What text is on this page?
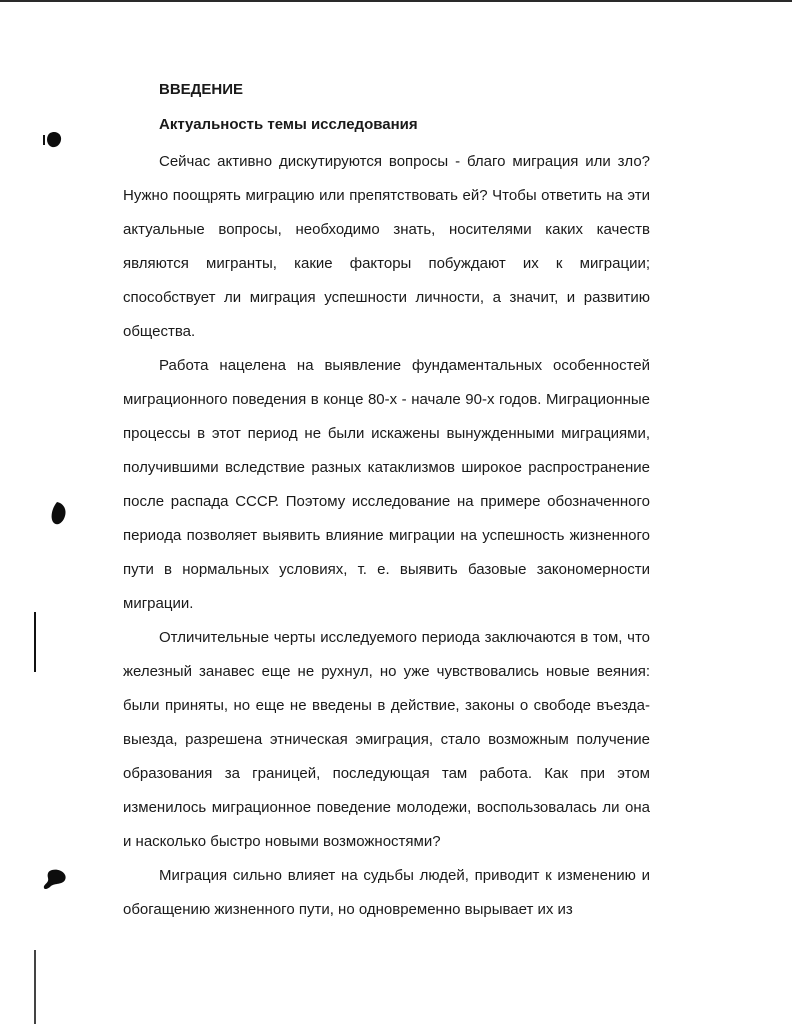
ВВЕДЕНИЕ
Актуальность темы исследования

Сейчас активно дискутируются вопросы - благо миграция или зло? Нужно поощрять миграцию или препятствовать ей? Чтобы ответить на эти актуальные вопросы, необходимо знать, носителями каких качеств являются мигранты, какие факторы побуждают их к миграции; способствует ли миграция успешности личности, а значит, и развитию общества.

Работа нацелена на выявление фундаментальных особенностей миграционного поведения в конце 80-х - начале 90-х годов. Миграционные процессы в этот период не были искажены вынужденными миграциями, получившими вследствие разных катаклизмов широкое распространение после распада СССР. Поэтому исследование на примере обозначенного периода позволяет выявить влияние миграции на успешность жизненного пути в нормальных условиях, т. е. выявить базовые закономерности миграции.

Отличительные черты исследуемого периода заключаются в том, что железный занавес еще не рухнул, но уже чувствовались новые веяния: были приняты, но еще не введены в действие, законы о свободе въезда-выезда, разрешена этническая эмиграция, стало возможным получение образования за границей, последующая там работа. Как при этом изменилось миграционное поведение молодежи, воспользовалась ли она и насколько быстро новыми возможностями?

Миграция сильно влияет на судьбы людей, приводит к изменению и обогащению жизненного пути, но одновременно вырывает их из
